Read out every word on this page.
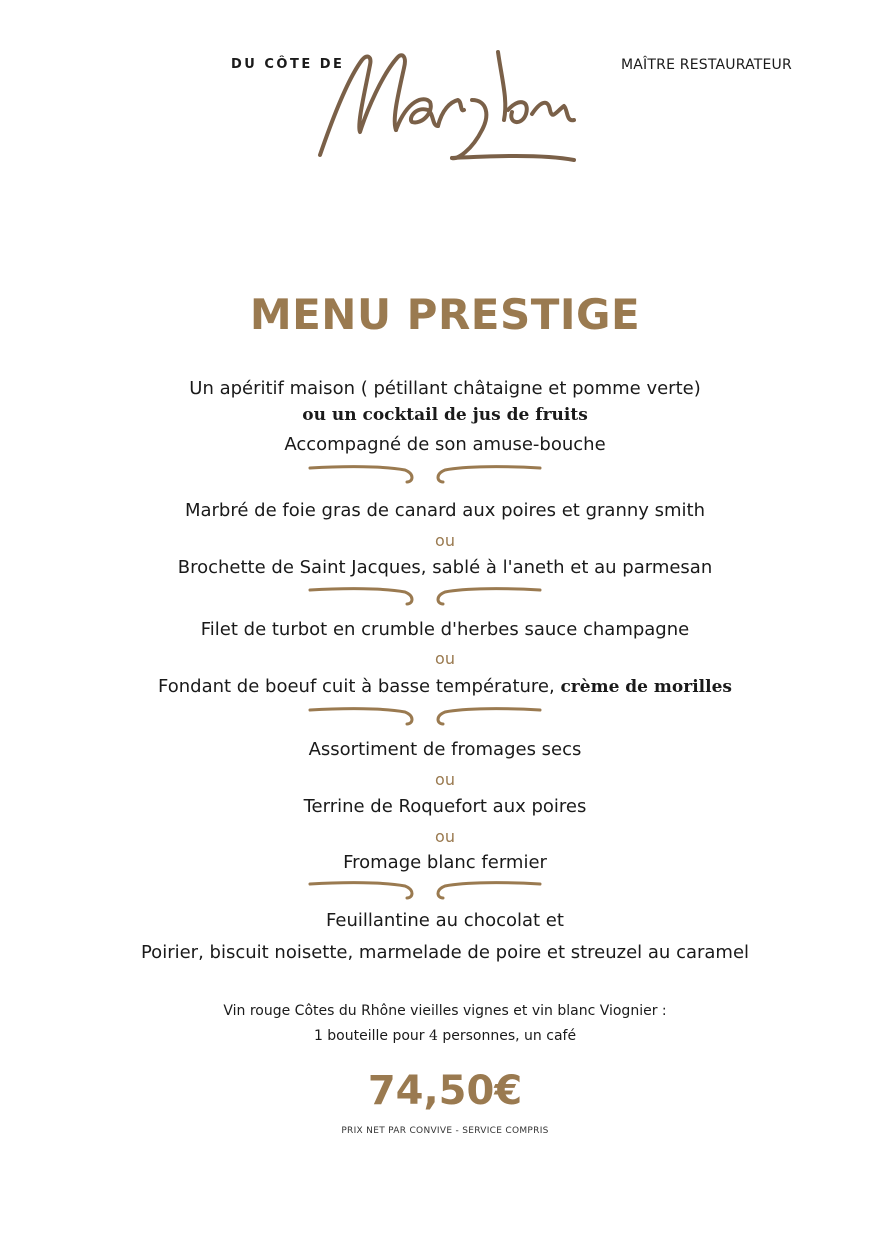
DU CÔTE DE	MAÎTRE RESTAURATEUR
MENU PRESTIGE
Un apéritif maison ( pétillant châtaigne et pomme verte)
ou un cocktail de jus de fruits
Accompagné de son amuse-bouche
Marbré de foie gras de canard aux poires et granny smith
ou
Brochette de Saint Jacques, sablé à l'aneth et au parmesan
Filet de turbot en crumble d'herbes sauce champagne
ou
Fondant de boeuf cuit à basse température, crème de morilles
Assortiment de fromages secs
ou
Terrine de Roquefort aux poires
ou
Fromage blanc fermier
Feuillantine au chocolat et
Poirier, biscuit noisette, marmelade de poire et streuzel au caramel
Vin rouge Côtes du Rhône vieilles vignes et vin blanc Viognier :
1 bouteille pour 4 personnes, un café
74,50€
PRIX NET PAR CONVIVE - SERVICE COMPRIS
